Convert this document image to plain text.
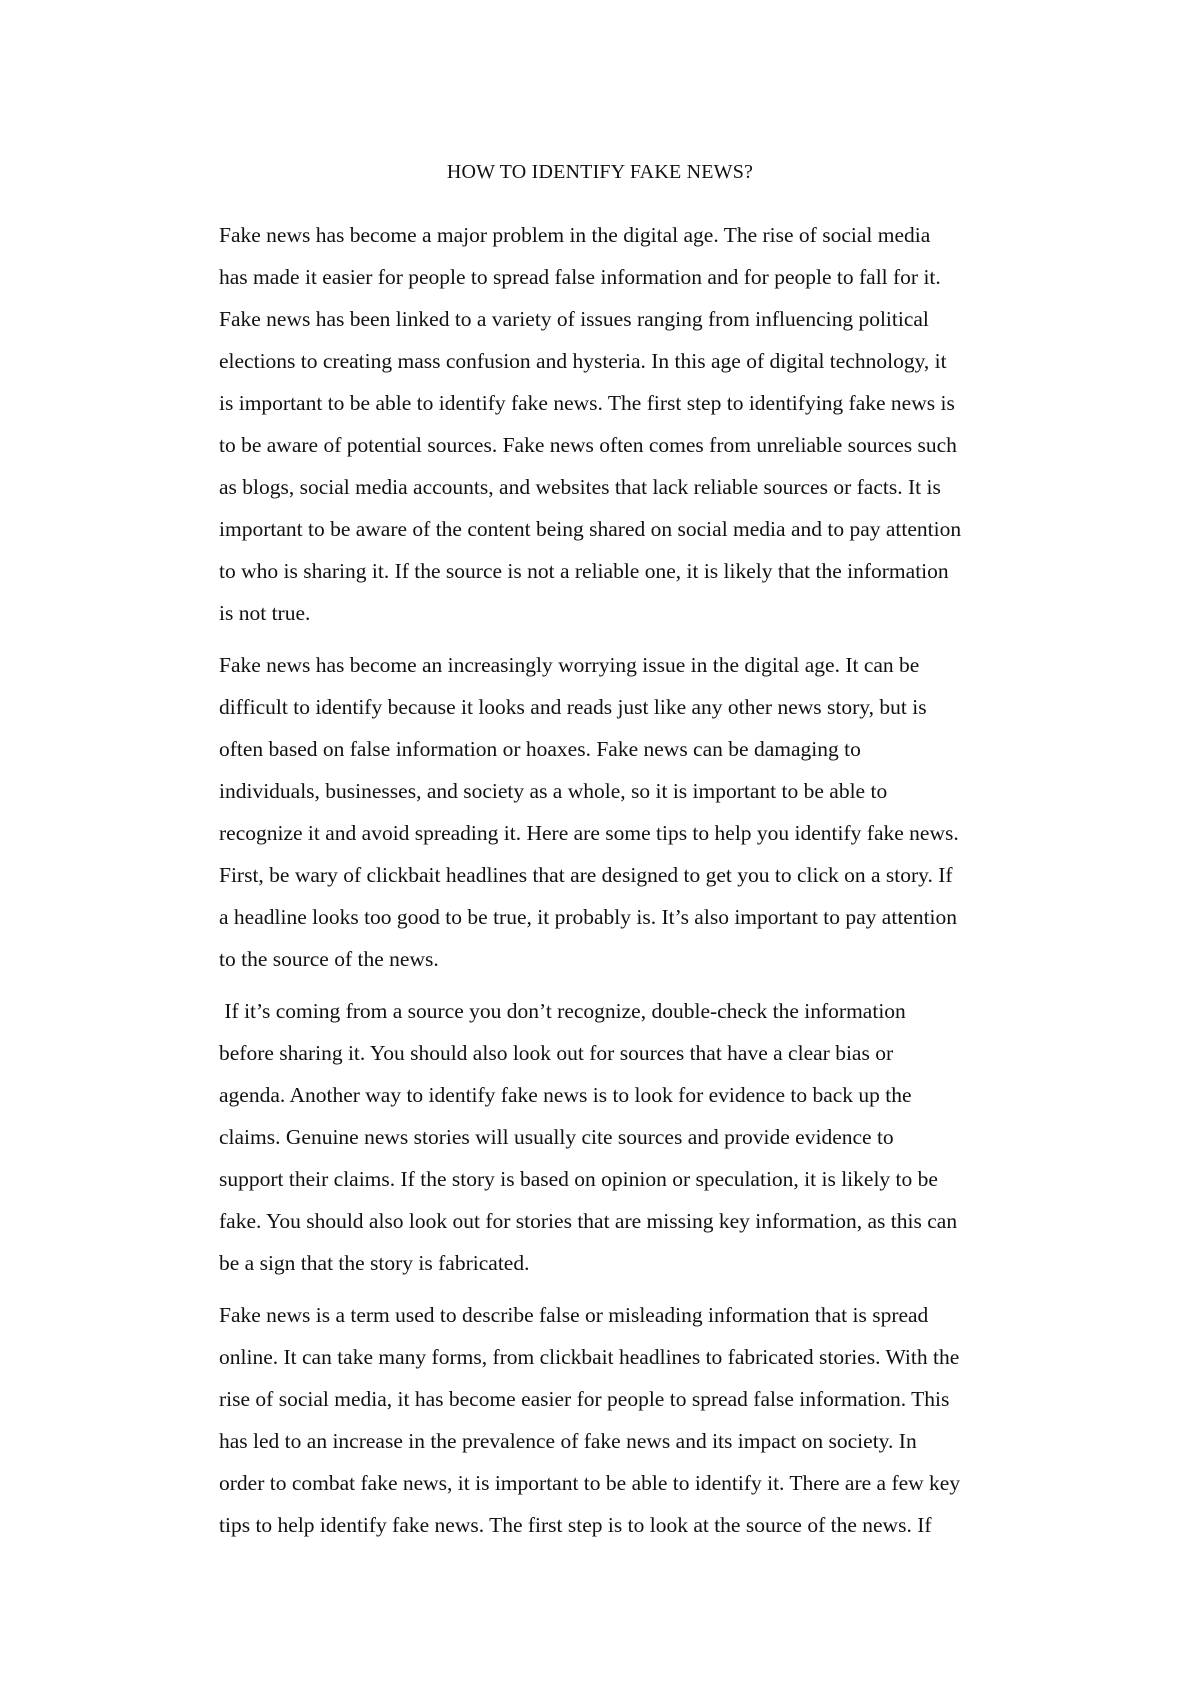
HOW TO IDENTIFY FAKE NEWS?
Fake news has become a major problem in the digital age. The rise of social media
has made it easier for people to spread false information and for people to fall for it.
Fake news has been linked to a variety of issues ranging from influencing political
elections to creating mass confusion and hysteria. In this age of digital technology, it
is important to be able to identify fake news. The first step to identifying fake news is
to be aware of potential sources. Fake news often comes from unreliable sources such
as blogs, social media accounts, and websites that lack reliable sources or facts. It is
important to be aware of the content being shared on social media and to pay attention
to who is sharing it. If the source is not a reliable one, it is likely that the information
is not true.
Fake news has become an increasingly worrying issue in the digital age. It can be
difficult to identify because it looks and reads just like any other news story, but is
often based on false information or hoaxes. Fake news can be damaging to
individuals, businesses, and society as a whole, so it is important to be able to
recognize it and avoid spreading it. Here are some tips to help you identify fake news.
First, be wary of clickbait headlines that are designed to get you to click on a story. If
a headline looks too good to be true, it probably is. It’s also important to pay attention
to the source of the news.
If it’s coming from a source you don’t recognize, double-check the information
before sharing it. You should also look out for sources that have a clear bias or
agenda. Another way to identify fake news is to look for evidence to back up the
claims. Genuine news stories will usually cite sources and provide evidence to
support their claims. If the story is based on opinion or speculation, it is likely to be
fake. You should also look out for stories that are missing key information, as this can
be a sign that the story is fabricated.
Fake news is a term used to describe false or misleading information that is spread
online. It can take many forms, from clickbait headlines to fabricated stories. With the
rise of social media, it has become easier for people to spread false information. This
has led to an increase in the prevalence of fake news and its impact on society. In
order to combat fake news, it is important to be able to identify it. There are a few key
tips to help identify fake news. The first step is to look at the source of the news. If
